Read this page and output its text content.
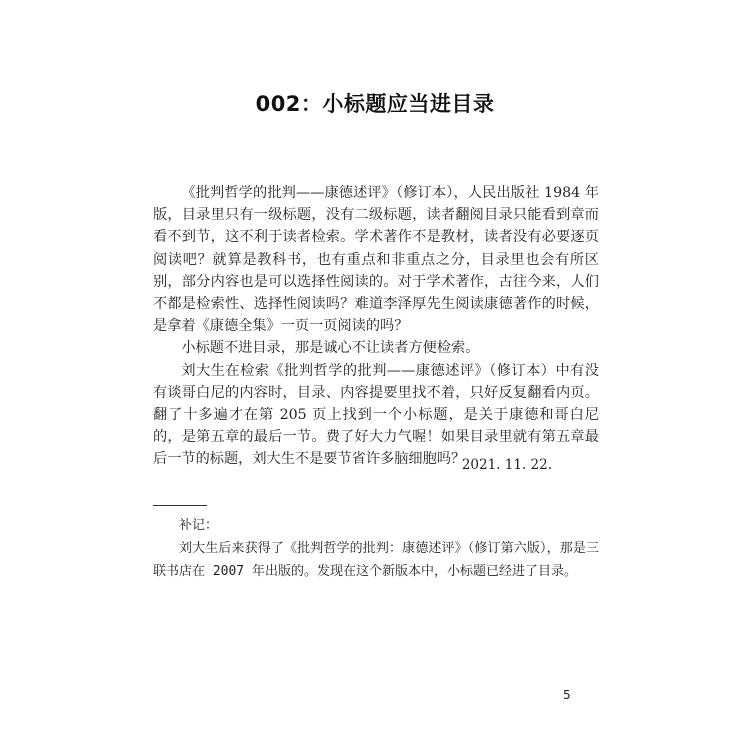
002：小标题应当进目录

《批判哲学的批判——康德述评》（修订本），人民出版社 1984 年版，目录里只有一级标题，没有二级标题，读者翻阅目录只能看到章而看不到节，这不利于读者检索。学术著作不是教材，读者没有必要逐页阅读吧？就算是教科书，也有重点和非重点之分，目录里也会有所区别，部分内容也是可以选择性阅读的。对于学术著作，古往今来，人们不都是检索性、选择性阅读吗？难道李泽厚先生阅读康德著作的时候，是拿着《康德全集》一页一页阅读的吗？

小标题不进目录，那是诚心不让读者方便检索。

刘大生在检索《批判哲学的批判——康德述评》（修订本）中有没有谈哥白尼的内容时，目录、内容提要里找不着，只好反复翻看内页。翻了十多遍才在第 205 页上找到一个小标题，是关于康德和哥白尼的，是第五章的最后一节。费了好大力气喔！如果目录里就有第五章最后一节的标题，刘大生不是要节省许多脑细胞吗？

2021. 11. 22.

补记：

刘大生后来获得了《批判哲学的批判：康德述评》（修订第六版），那是三联书店在 2007 年出版的。发现在这个新版本中，小标题已经进了目录。

5
